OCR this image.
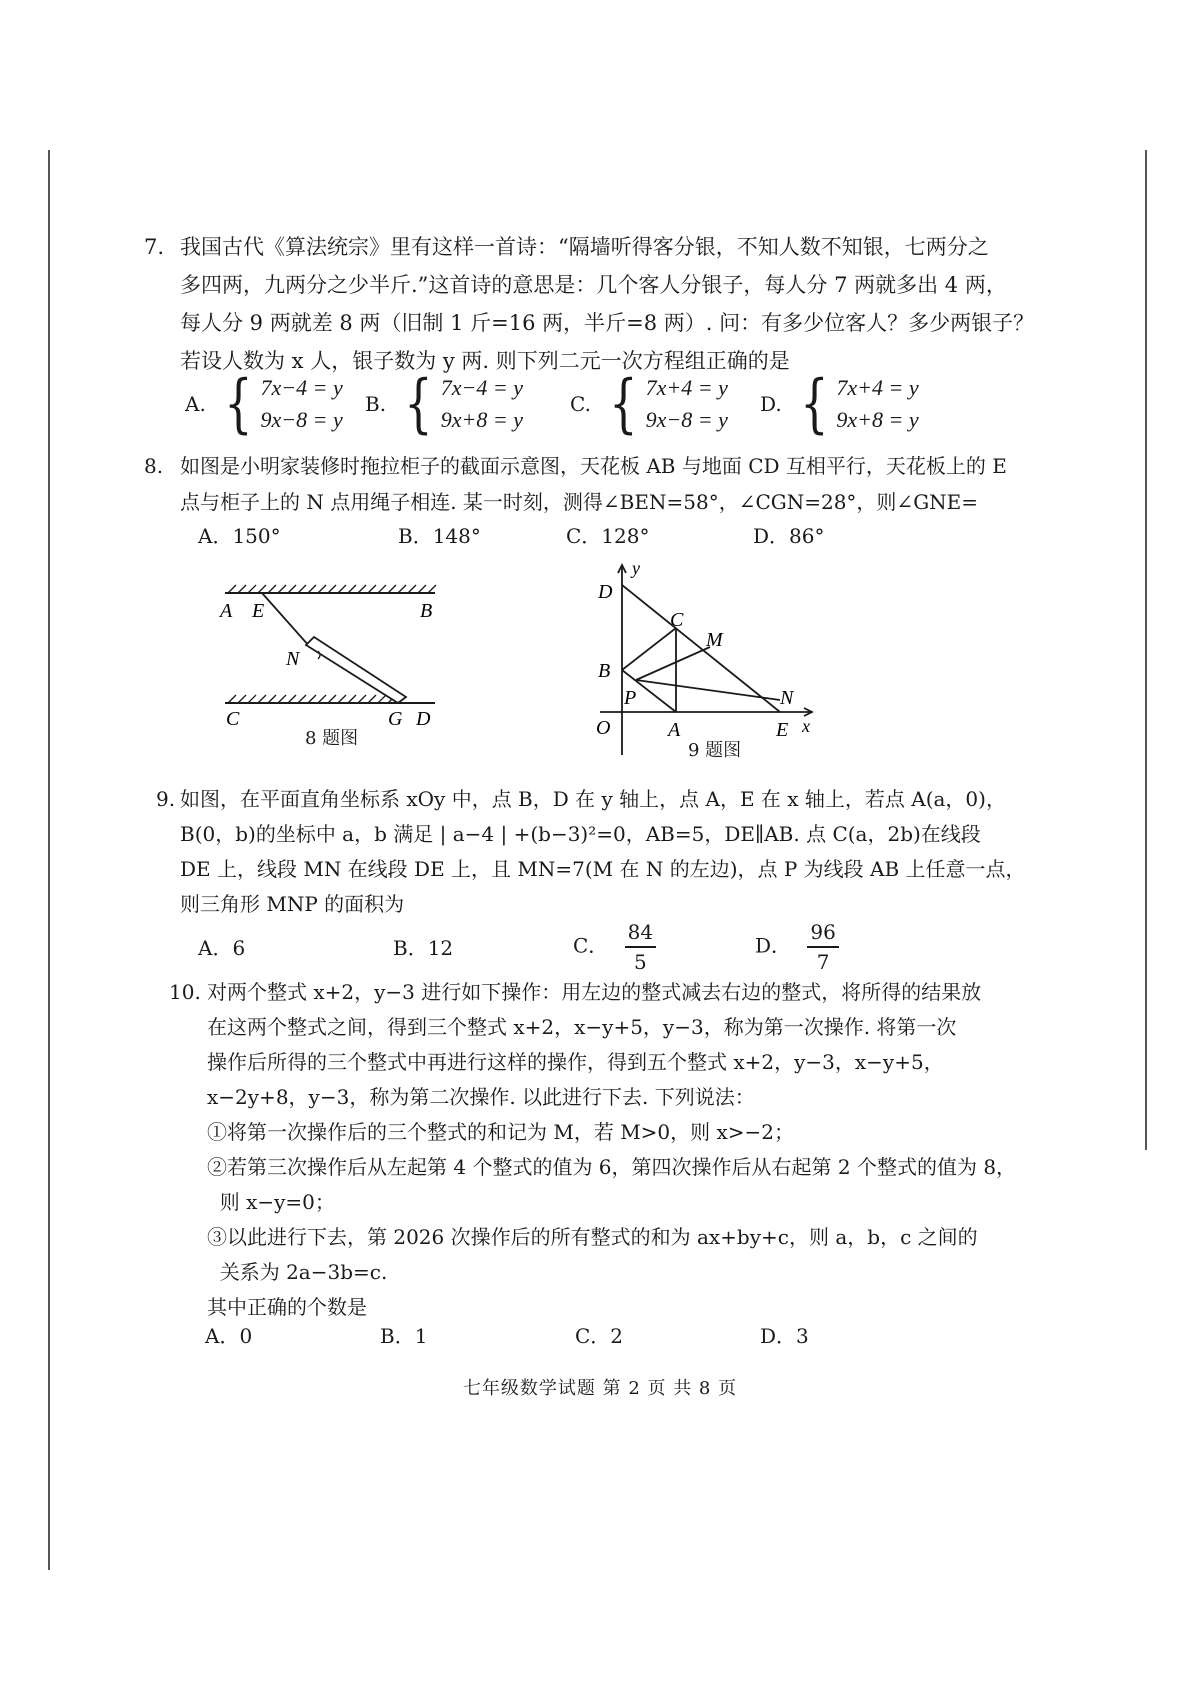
7. 我国古代《算法统宗》里有这样一首诗：“隔墙听得客分银，不知人数不知银，七两分之
多四两，九两分之少半斤.”这首诗的意思是：几个客人分银子，每人分 7 两就多出 4 两，
每人分 9 两就差 8 两（旧制 1 斤=16 两，半斤=8 两）. 问：有多少位客人？多少两银子？
若设人数为 x 人，银子数为 y 两. 则下列二元一次方程组正确的是
A. { 7x−4 = y
9x−8 = y
B. { 7x−4 = y
9x+8 = y
C. { 7x+4 = y
9x−8 = y
D. { 7x+4 = y
9x+8 = y
8. 如图是小明家装修时拖拉柜子的截面示意图，天花板 AB 与地面 CD 互相平行，天花板上的 E
点与柜子上的 N 点用绳子相连. 某一时刻，测得∠BEN=58°，∠CGN=28°，则∠GNE=
A．150°	B．148°	C．128°	D．86°
A E	B
N
C	G D
8 题图
y
D
C
M
B
P	N
O	A	E x
9 题图
9. 如图，在平面直角坐标系 xOy 中，点 B，D 在 y 轴上，点 A，E 在 x 轴上，若点 A(a，0)，
B(0，b)的坐标中 a，b 满足 | a−4 | +(b−3)²=0，AB=5，DE∥AB. 点 C(a，2b)在线段
DE 上，线段 MN 在线段 DE 上，且 MN=7(M 在 N 的左边)，点 P 为线段 AB 上任意一点，
则三角形 MNP 的面积为
A．6	B．12	C． $\frac{84}{5}$	D． $\frac{96}{7}$
10. 对两个整式 x+2，y−3 进行如下操作：用左边的整式减去右边的整式，将所得的结果放
在这两个整式之间，得到三个整式 x+2，x−y+5，y−3，称为第一次操作. 将第一次
操作后所得的三个整式中再进行这样的操作，得到五个整式 x+2，y−3，x−y+5，
x−2y+8，y−3，称为第二次操作. 以此进行下去. 下列说法：
①将第一次操作后的三个整式的和记为 M，若 M>0，则 x>−2；
②若第三次操作后从左起第 4 个整式的值为 6，第四次操作后从右起第 2 个整式的值为 8，
则 x−y=0；
③以此进行下去，第 2026 次操作后的所有整式的和为 ax+by+c，则 a，b，c 之间的
关系为 2a−3b=c.
其中正确的个数是
A．0	B．1	C．2	D．3
七年级数学试题 第 2 页 共 8 页
